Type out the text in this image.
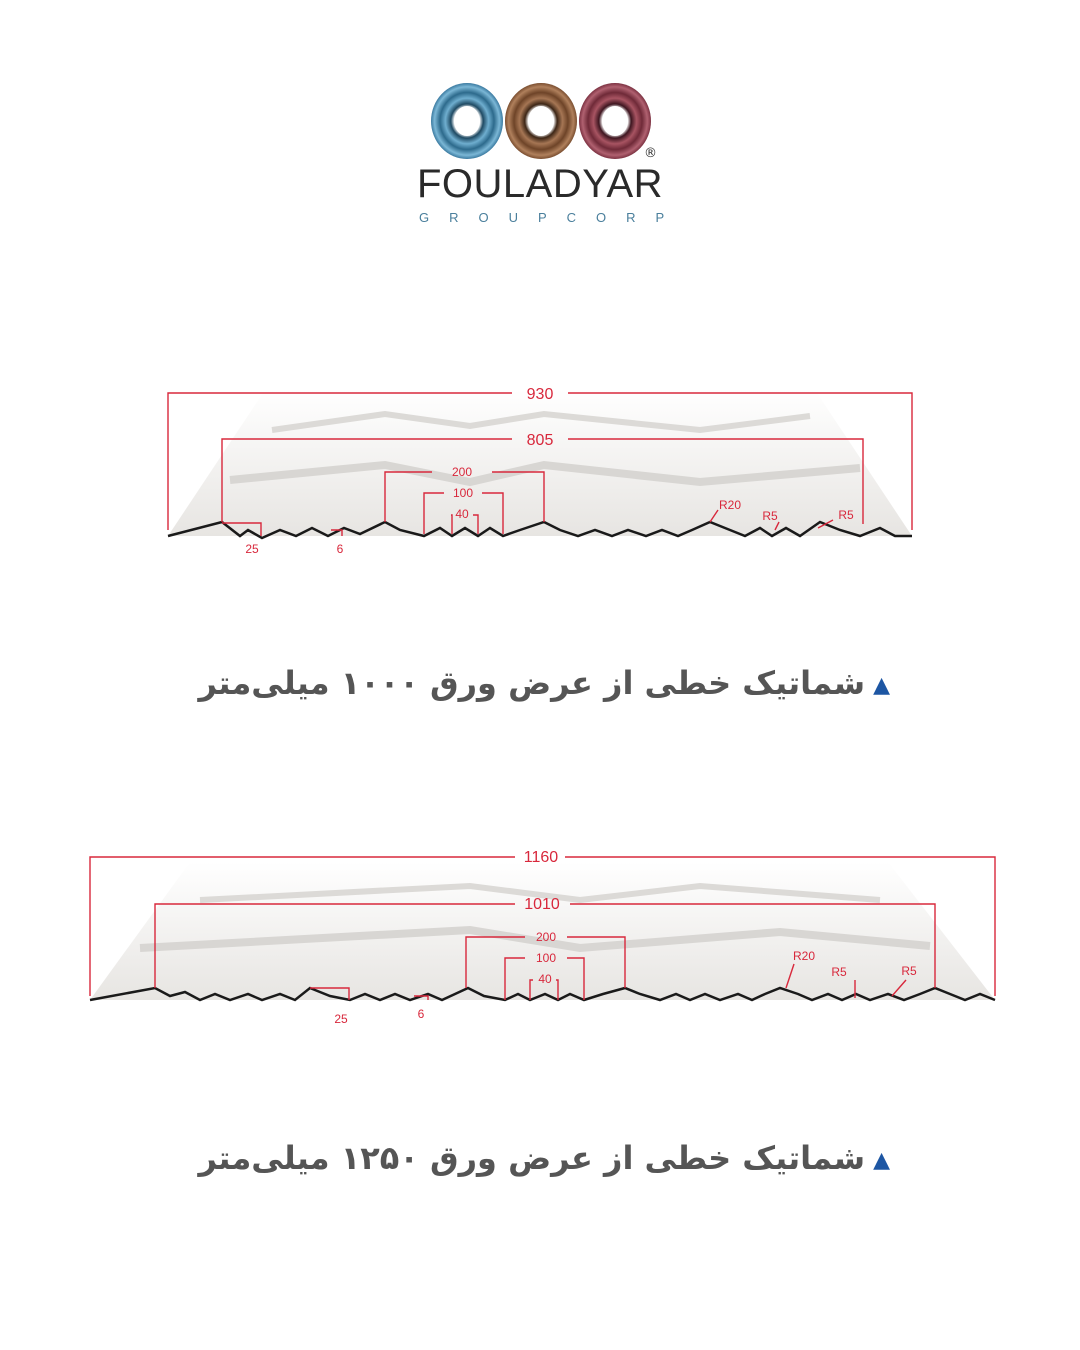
FOULADYAR
®
GROUPCORP
930
805
200
100
40
25	6
R20
R5	R5
▲شماتیک خطی از عرض ورق ۱۰۰۰ میلی‌متر
1160
1010
200
100
40
25	6
R20
R5	R5
▲شماتیک خطی از عرض ورق ۱۲۵۰ میلی‌متر
